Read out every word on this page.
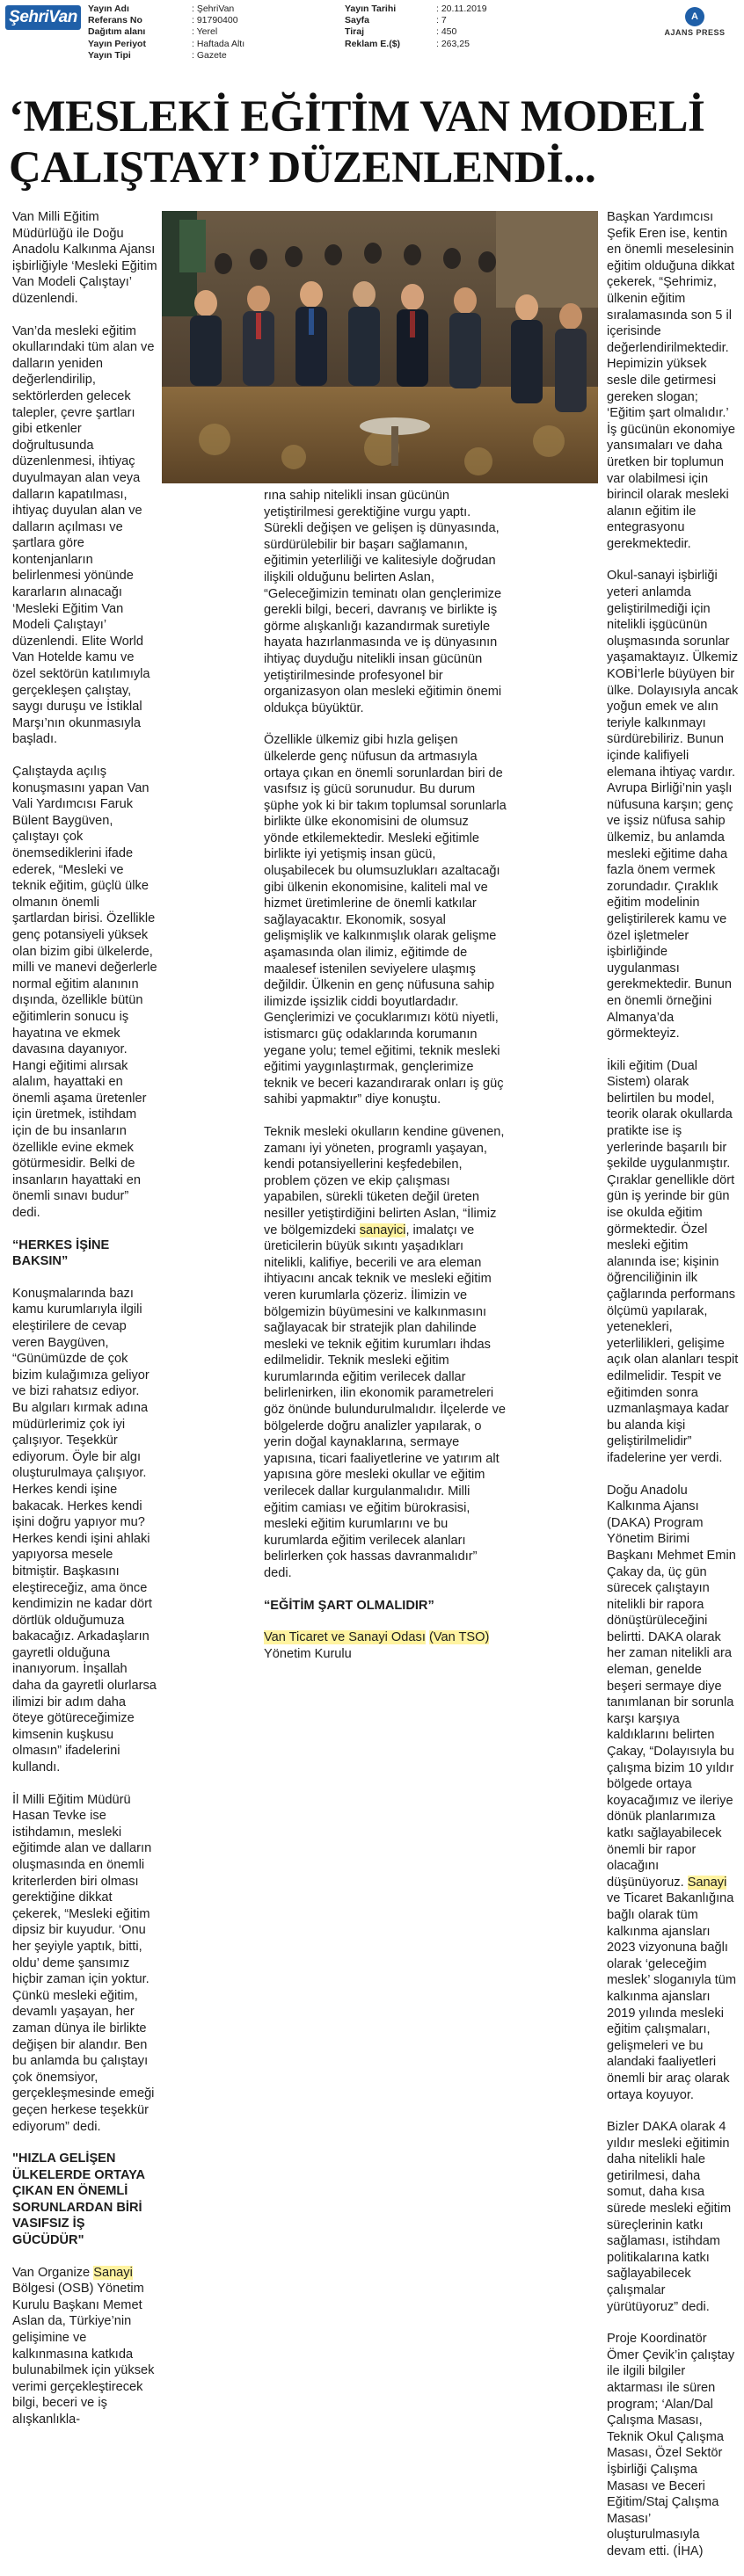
ŞehriVan	Yayın Adı	: ŞehriVan
Referans No	: 91790400
Dağıtım alanı	: Yerel
Yayın Periyot	: Haftada Altı
Yayın Tipi	: Gazete
Yayın Tarihi	: 20.11.2019
Sayfa	: 7
Tiraj	: 450
Reklam E.($)	: 263,25
A
AJANS PRESS
‘MESLEKİ EĞİTİM VAN MODELİ ÇALIŞTAYI’ DÜZENLENDİ...

Van Milli Eğitim Müdürlüğü ile Doğu Anadolu Kalkınma Ajansı işbirliğiyle ‘Mesleki Eğitim Van Modeli Çalıştayı’ düzenlendi.

Van’da mesleki eğitim okullarındaki tüm alan ve dalların yeniden değerlendirilip, sektörlerden gelecek talepler, çevre şartları gibi etkenler doğrultusunda düzenlenmesi, ihtiyaç duyulmayan alan veya dalların kapatılması, ihtiyaç duyulan alan ve dalların açılması ve şartlara göre kontenjanların belirlenmesi yönünde kararların alınacağı ‘Mesleki Eğitim Van Modeli Çalıştayı’ düzenlendi. Elite World Van Hotelde kamu ve özel sektörün katılımıyla gerçekleşen çalıştay, saygı duruşu ve İstiklal Marşı’nın okunmasıyla başladı.

Çalıştayda açılış konuşmasını yapan Van Vali Yardımcısı Faruk Bülent Baygüven, çalıştayı çok önemsediklerini ifade ederek, “Mesleki ve teknik eğitim, güçlü ülke olmanın önemli şartlardan birisi. Özellikle genç potansiyeli yüksek olan bizim gibi ülkelerde, milli ve manevi değerlerle normal eğitim alanının dışında, özellikle bütün eğitimlerin sonucu iş hayatına ve ekmek davasına dayanıyor. Hangi eğitimi alırsak alalım, hayattaki en önemli aşama üretenler için üretmek, istihdam için de bu insanların özellikle evine ekmek götürmesidir. Belki de insanların hayattaki en önemli sınavı budur” dedi.

“HERKES İŞİNE BAKSIN”

Konuşmalarında bazı kamu kurumlarıyla ilgili eleştirilere de cevap veren Baygüven, “Günümüzde de çok bizim kulağımıza geliyor ve bizi rahatsız ediyor. Bu algıları kırmak adına müdürlerimiz çok iyi çalışıyor. Teşekkür ediyorum. Öyle bir algı oluşturulmaya çalışıyor. Herkes kendi işine bakacak. Herkes kendi işini doğru yapıyor mu? Herkes kendi işini ahlaki yapıyorsa mesele bitmiştir. Başkasını eleştireceğiz, ama önce kendimizin ne kadar dört dörtlük olduğumuza bakacağız. Arkadaşların gayretli olduğuna inanıyorum. İnşallah daha da gayretli olurlarsa ilimizi bir adım daha öteye götüreceğimize kimsenin kuşkusu olmasın” ifadelerini kullandı.

İl Milli Eğitim Müdürü Hasan Tevke ise istihdamın, mesleki eğitimde alan ve dalların oluşmasında en önemli kriterlerden biri olması gerektiğine dikkat çekerek, “Mesleki eğitim dipsiz bir kuyudur. ‘Onu her şeyiyle yaptık, bitti, oldu’ deme şansımız hiçbir zaman için yoktur. Çünkü mesleki eğitim, devamlı yaşayan, her zaman dünya ile birlikte değişen bir alandır. Ben bu anlamda bu çalıştayı çok önemsiyor, gerçekleşmesinde emeği geçen herkese teşekkür ediyorum” dedi.

"HIZLA GELİŞEN ÜLKELERDE ORTAYA ÇIKAN EN ÖNEMLİ SORUNLARDAN BİRİ VASIFSIZ İŞ GÜCÜDÜR"

Van Organize Sanayi Bölgesi (OSB) Yönetim Kurulu Başkanı Memet Aslan da, Türkiye’nin gelişimine ve kalkınmasına katkıda bulunabilmek için yüksek verimi gerçekleştirecek bilgi, beceri ve iş alışkanlıkla-

rına sahip nitelikli insan gücünün yetiştirilmesi gerektiğine vurgu yaptı. Sürekli değişen ve gelişen iş dünyasında, sürdürülebilir bir başarı sağlamanın, eğitimin yeterliliği ve kalitesiyle doğrudan ilişkili olduğunu belirten Aslan, “Geleceğimizin teminatı olan gençlerimize gerekli bilgi, beceri, davranış ve birlikte iş görme alışkanlığı kazandırmak suretiyle hayata hazırlanmasında ve iş dünyasının ihtiyaç duyduğu nitelikli insan gücünün yetiştirilmesinde profesyonel bir organizasyon olan mesleki eğitimin önemi oldukça büyüktür.

Özellikle ülkemiz gibi hızla gelişen ülkelerde genç nüfusun da artmasıyla ortaya çıkan en önemli sorunlardan biri de vasıfsız iş gücü sorunudur. Bu durum şüphe yok ki bir takım toplumsal sorunlarla birlikte ülke ekonomisini de olumsuz yönde etkilemektedir. Mesleki eğitimle birlikte iyi yetişmiş insan gücü, oluşabilecek bu olumsuzlukları azaltacağı gibi ülkenin ekonomisine, kaliteli mal ve hizmet üretimlerine de önemli katkılar sağlayacaktır. Ekonomik, sosyal gelişmişlik ve kalkınmışlık olarak gelişme aşamasında olan ilimiz, eğitimde de maalesef istenilen seviyelere ulaşmış değildir. Ülkenin en genç nüfusuna sahip ilimizde işsizlik ciddi boyutlardadır. Gençlerimizi ve çocuklarımızı kötü niyetli, istismarcı güç odaklarında korumanın yegane yolu; temel eğitimi, teknik mesleki eğitimi yaygınlaştırmak, gençlerimize teknik ve beceri kazandırarak onları iş güç sahibi yapmaktır” diye konuştu.

Teknik mesleki okulların kendine güvenen, zamanı iyi yöneten, programlı yaşayan, kendi potansiyellerini keşfedebilen, problem çözen ve ekip çalışması yapabilen, sürekli tüketen değil üreten nesiller yetiştirdiğini belirten Aslan, “İlimiz ve bölgemizdeki sanayici, imalatçı ve üreticilerin büyük sıkıntı yaşadıkları nitelikli, kalifiye, becerili ve ara eleman ihtiyacını ancak teknik ve mesleki eğitim veren kurumlarla çözeriz. İlimizin ve bölgemizin büyümesini ve kalkınmasını sağlayacak bir stratejik plan dahilinde mesleki ve teknik eğitim kurumları ihdas edilmelidir. Teknik mesleki eğitim kurumlarında eğitim verilecek dallar belirlenirken, ilin ekonomik parametreleri göz önünde bulundurulmalıdır. İlçelerde ve bölgelerde doğru analizler yapılarak, o yerin doğal kaynaklarına, sermaye yapısına, ticari faaliyetlerine ve yatırım alt yapısına göre mesleki okullar ve eğitim verilecek dallar kurgulanmalıdır. Milli eğitim camiası ve eğitim bürokrasisi, mesleki eğitim kurumlarını ve bu kurumlarda eğitim verilecek alanları belirlerken çok hassas davranmalıdır” dedi.

“EĞİTİM ŞART OLMALIDIR”

Van Ticaret ve Sanayi Odası (Van TSO) Yönetim Kurulu

Başkan Yardımcısı Şefik Eren ise, kentin en önemli meselesinin eğitim olduğuna dikkat çekerek, “Şehrimiz, ülkenin eğitim sıralamasında son 5 il içerisinde değerlendirilmektedir. Hepimizin yüksek sesle dile getirmesi gereken slogan; ‘Eğitim şart olmalıdır.’ İş gücünün ekonomiye yansımaları ve daha üretken bir toplumun var olabilmesi için birincil olarak mesleki alanın eğitim ile entegrasyonu gerekmektedir.

Okul-sanayi işbirliği yeteri anlamda geliştirilmediği için nitelikli işgücünün oluşmasında sorunlar yaşamaktayız. Ülkemiz KOBİ’lerle büyüyen bir ülke. Dolayısıyla ancak yoğun emek ve alın teriyle kalkınmayı sürdürebiliriz. Bunun içinde kalifiyeli elemana ihtiyaç vardır. Avrupa Birliği’nin yaşlı nüfusuna karşın; genç ve işsiz nüfusa sahip ülkemiz, bu anlamda mesleki eğitime daha fazla önem vermek zorundadır. Çıraklık eğitim modelinin geliştirilerek kamu ve özel işletmeler işbirliğinde uygulanması gerekmektedir. Bunun en önemli örneğini Almanya’da görmekteyiz.

İkili eğitim (Dual Sistem) olarak belirtilen bu model, teorik olarak okullarda pratikte ise iş yerlerinde başarılı bir şekilde uygulanmıştır. Çıraklar genellikle dört gün iş yerinde bir gün ise okulda eğitim görmektedir. Özel mesleki eğitim alanında ise; kişinin öğrenciliğinin ilk çağlarında performans ölçümü yapılarak, yetenekleri, yeterlilikleri, gelişime açık olan alanları tespit edilmelidir. Tespit ve eğitimden sonra uzmanlaşmaya kadar bu alanda kişi geliştirilmelidir” ifadelerine yer verdi.

Doğu Anadolu Kalkınma Ajansı (DAKA) Program Yönetim Birimi Başkanı Mehmet Emin Çakay da, üç gün sürecek çalıştayın nitelikli bir rapora dönüştürüleceğini belirtti. DAKA olarak her zaman nitelikli ara eleman, genelde beşeri sermaye diye tanımlanan bir sorunla karşı karşıya kaldıklarını belirten Çakay, “Dolayısıyla bu çalışma bizim 10 yıldır bölgede ortaya koyacağımız ve ileriye dönük planlarımıza katkı sağlayabilecek önemli bir rapor olacağını düşünüyoruz. Sanayi ve Ticaret Bakanlığına bağlı olarak tüm kalkınma ajansları 2023 vizyonuna bağlı olarak ‘geleceğim meslek’ sloganıyla tüm kalkınma ajansları 2019 yılında mesleki eğitim çalışmaları, gelişmeleri ve bu alandaki faaliyetleri önemli bir araç olarak ortaya koyuyor.

Bizler DAKA olarak 4 yıldır mesleki eğitimin daha nitelikli hale getirilmesi, daha somut, daha kısa sürede mesleki eğitim süreçlerinin katkı sağlaması, istihdam politikalarına katkı sağlayabilecek çalışmalar yürütüyoruz” dedi.

Proje Koordinatör Ömer Çevik’in çalıştay ile ilgili bilgiler aktarması ile süren program; ‘Alan/Dal Çalışma Masası, Teknik Okul Çalışma Masası, Özel Sektör İşbirliği Çalışma Masası ve Beceri Eğitim/Staj Çalışma Masası’ oluşturulmasıyla devam etti. (İHA)
